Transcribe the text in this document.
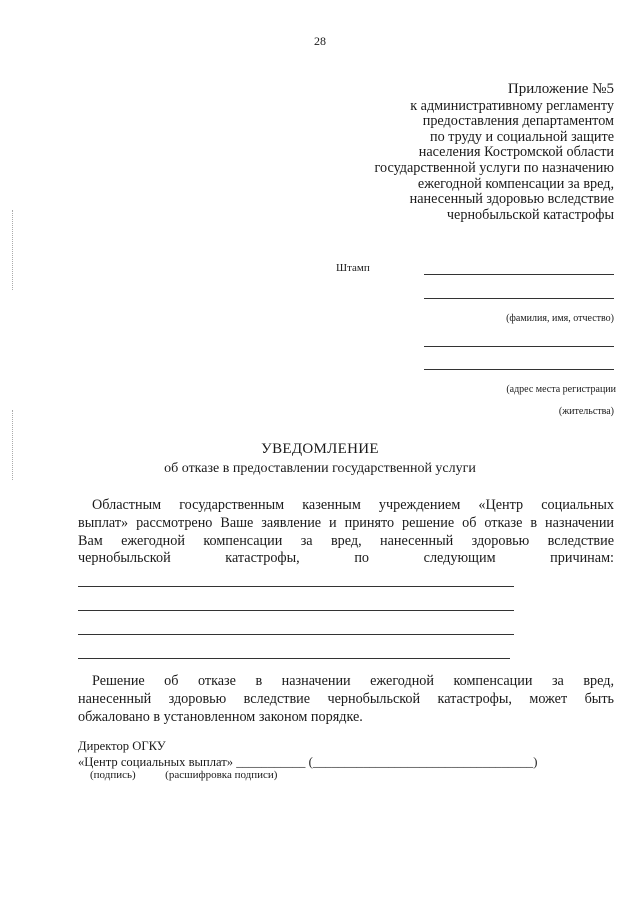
28
Приложение №5
к административному регламенту
предоставления департаментом
по труду и социальной защите
населения Костромской области
государственной услуги по назначению
ежегодной компенсации за вред,
нанесенный здоровью вследствие
чернобыльской катастрофы
Штамп
(фамилия, имя, отчество)
(адрес места регистрации
(жительства)
УВЕДОМЛЕНИЕ
об отказе в предоставлении государственной услуги
Областным государственным казенным учреждением «Центр социальных
выплат» рассмотрено Ваше заявление и принято решение об отказе в назначении
Вам ежегодной компенсации за вред, нанесенный здоровью вследствие
чернобыльской катастрофы, по следующим причинам:
Решение об отказе в назначении ежегодной компенсации за вред,
нанесенный здоровью вследствие чернобыльской катастрофы, может быть
обжаловано в установленном законом порядке.
Директор ОГКУ
«Центр социальных выплат» ___________ (___________________________________)
(подпись)	(расшифровка подписи)
